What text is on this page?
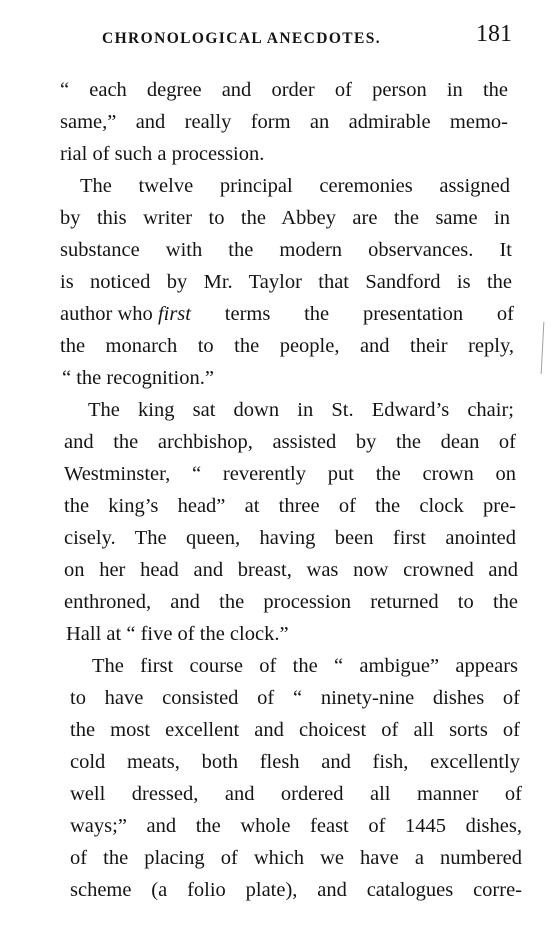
CHRONOLOGICAL ANECDOTES.	181
“ each degree and order of person in the
same,” and really form an admirable memo-
rial of such a procession.
The twelve principal ceremonies assigned
by this writer to the Abbey are the same in
substance with the modern observances. It
is noticed by Mr. Taylor that Sandford is the
author who first terms the presentation of
the monarch to the people, and their reply,
“ the recognition.”
The king sat down in St. Edward’s chair;
and the archbishop, assisted by the dean of
Westminster, “ reverently put the crown on
the king’s head” at three of the clock pre-
cisely. The queen, having been first anointed
on her head and breast, was now crowned and
enthroned, and the procession returned to the
Hall at “ five of the clock.”
The first course of the “ ambigue” appears
to have consisted of “ ninety-nine dishes of
the most excellent and choicest of all sorts of
cold meats, both flesh and fish, excellently
well dressed, and ordered all manner of
ways;” and the whole feast of 1445 dishes,
of the placing of which we have a numbered
scheme (a folio plate), and catalogues corre-
